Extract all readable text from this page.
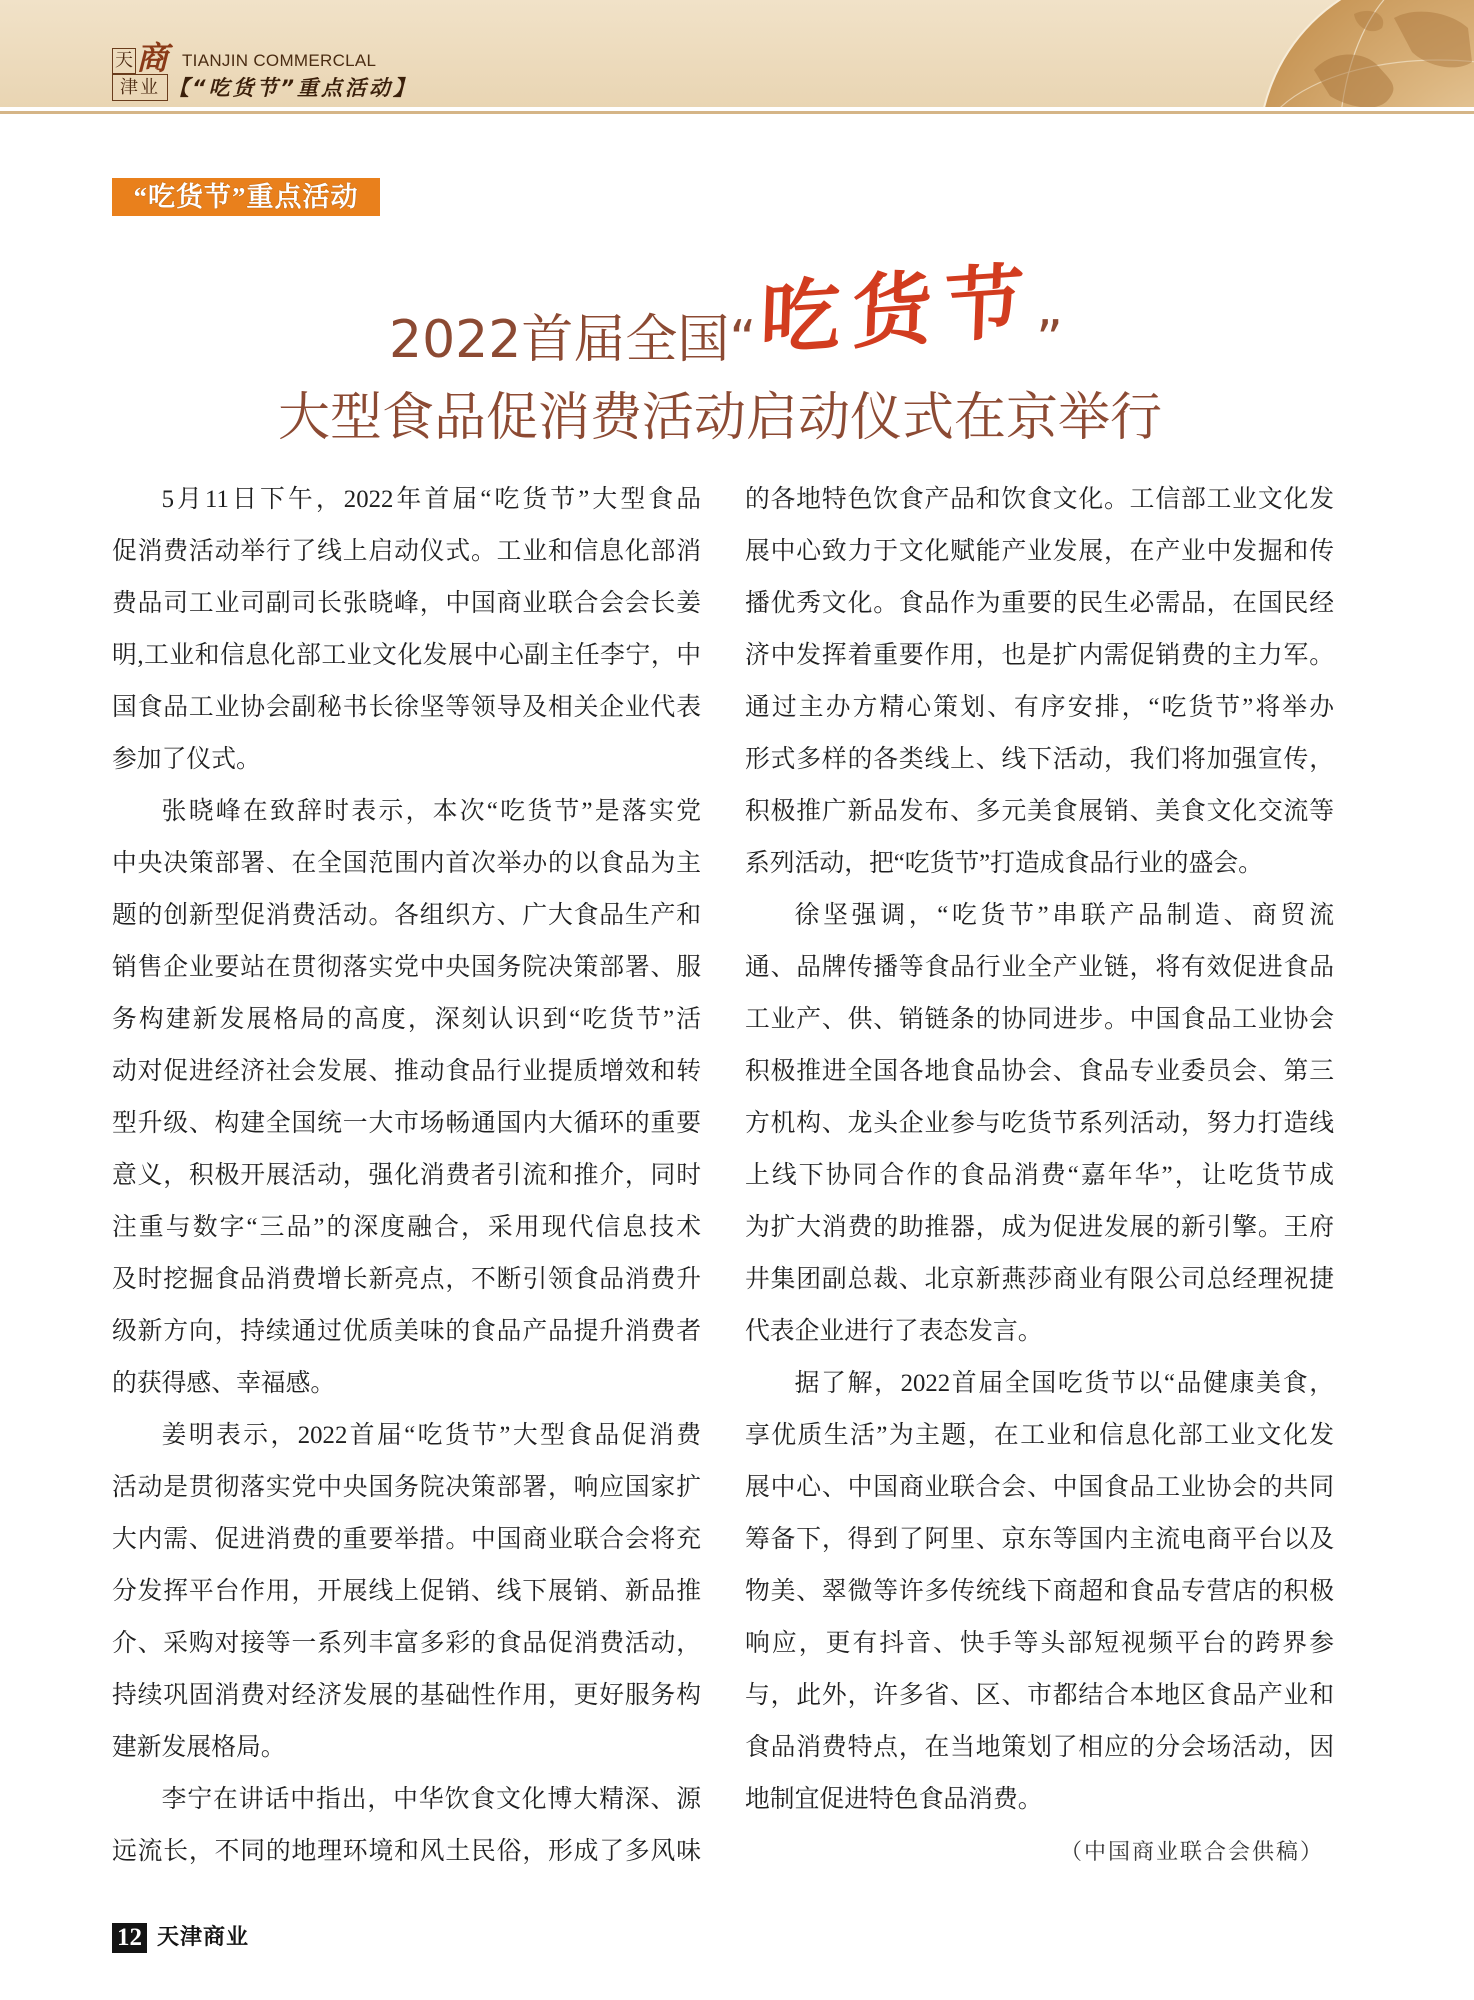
天 商
津业
TIANJIN COMMERCLAL
【“吃货节”重点活动】
“吃货节”重点活动
2022首届全国“ 吃货节
”
大型食品促消费活动启动仪式在京举行
5月11日下午，2022年首届“吃货节”大型食品
促消费活动举行了线上启动仪式。工业和信息化部消
费品司工业司副司长张晓峰，中国商业联合会会长姜
明,工业和信息化部工业文化发展中心副主任李宁，中
国食品工业协会副秘书长徐坚等领导及相关企业代表
参加了仪式。
张晓峰在致辞时表示，本次“吃货节”是落实党
中央决策部署、在全国范围内首次举办的以食品为主
题的创新型促消费活动。各组织方、广大食品生产和
销售企业要站在贯彻落实党中央国务院决策部署、服
务构建新发展格局的高度，深刻认识到“吃货节”活
动对促进经济社会发展、推动食品行业提质增效和转
型升级、构建全国统一大市场畅通国内大循环的重要
意义，积极开展活动，强化消费者引流和推介，同时
注重与数字“三品”的深度融合，采用现代信息技术
及时挖掘食品消费增长新亮点，不断引领食品消费升
级新方向，持续通过优质美味的食品产品提升消费者
的获得感、幸福感。
姜明表示，2022首届“吃货节”大型食品促消费
活动是贯彻落实党中央国务院决策部署，响应国家扩
大内需、促进消费的重要举措。中国商业联合会将充
分发挥平台作用，开展线上促销、线下展销、新品推
介、采购对接等一系列丰富多彩的食品促消费活动，
持续巩固消费对经济发展的基础性作用，更好服务构
建新发展格局。
李宁在讲话中指出，中华饮食文化博大精深、源
远流长，不同的地理环境和风土民俗，形成了多风味
的各地特色饮食产品和饮食文化。工信部工业文化发
展中心致力于文化赋能产业发展，在产业中发掘和传
播优秀文化。食品作为重要的民生必需品，在国民经
济中发挥着重要作用，也是扩内需促销费的主力军。
通过主办方精心策划、有序安排，“吃货节”将举办
形式多样的各类线上、线下活动，我们将加强宣传，
积极推广新品发布、多元美食展销、美食文化交流等
系列活动，把“吃货节”打造成食品行业的盛会。
徐坚强调，“吃货节”串联产品制造、商贸流
通、品牌传播等食品行业全产业链，将有效促进食品
工业产、供、销链条的协同进步。中国食品工业协会
积极推进全国各地食品协会、食品专业委员会、第三
方机构、龙头企业参与吃货节系列活动，努力打造线
上线下协同合作的食品消费“嘉年华”，让吃货节成
为扩大消费的助推器，成为促进发展的新引擎。王府
井集团副总裁、北京新燕莎商业有限公司总经理祝捷
代表企业进行了表态发言。
据了解，2022首届全国吃货节以“品健康美食，
享优质生活”为主题，在工业和信息化部工业文化发
展中心、中国商业联合会、中国食品工业协会的共同
筹备下，得到了阿里、京东等国内主流电商平台以及
物美、翠微等许多传统线下商超和食品专营店的积极
响应，更有抖音、快手等头部短视频平台的跨界参
与，此外，许多省、区、市都结合本地区食品产业和
食品消费特点，在当地策划了相应的分会场活动，因
地制宜促进特色食品消费。
（中国商业联合会供稿）
12 天津商业
